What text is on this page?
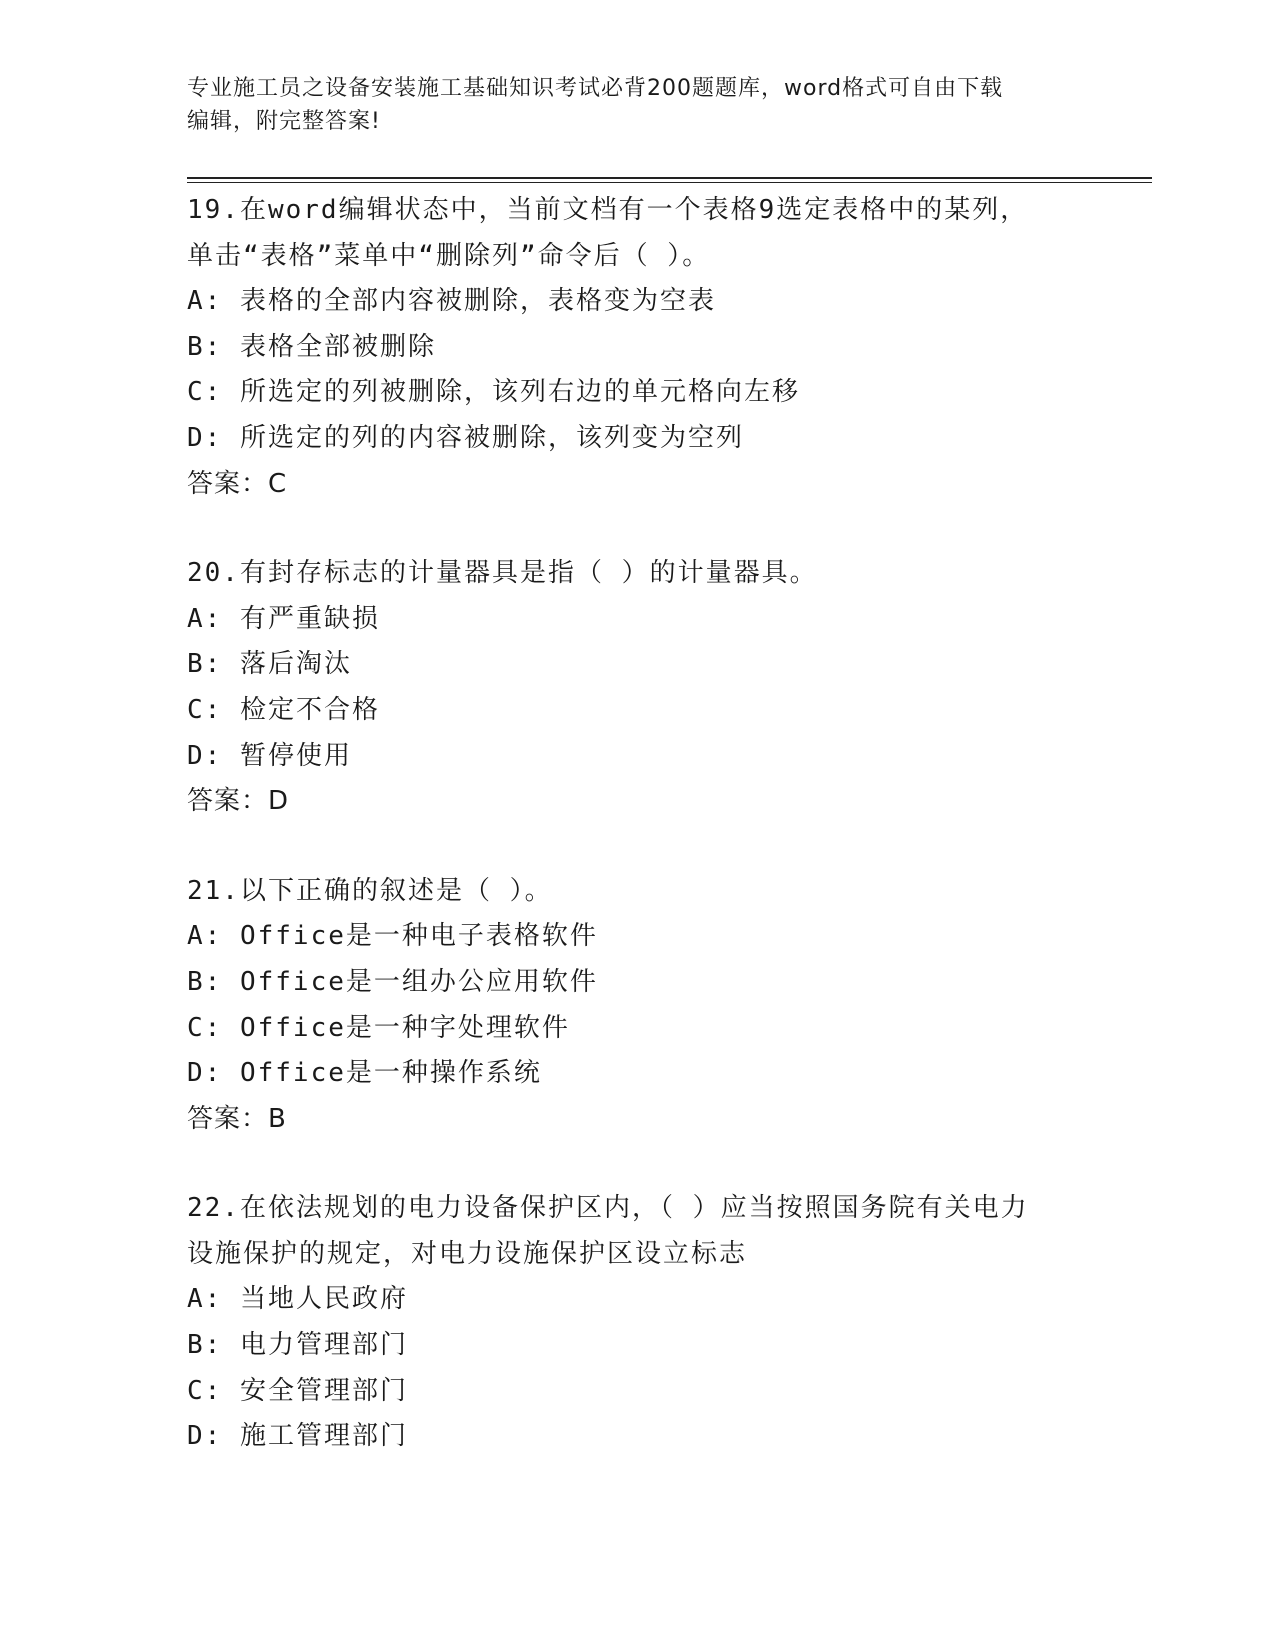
专业施工员之设备安装施工基础知识考试必背200题题库，word格式可自由下载
编辑，附完整答案!
19.在word编辑状态中，当前文档有一个表格9选定表格中的某列，
单击“表格”菜单中“删除列”命令后（ ）。
A: 表格的全部内容被删除，表格变为空表
B: 表格全部被删除
C: 所选定的列被删除，该列右边的单元格向左移
D: 所选定的列的内容被删除，该列变为空列
答案：C
20.有封存标志的计量器具是指（ ）的计量器具。
A: 有严重缺损
B: 落后淘汰
C: 检定不合格
D: 暂停使用
答案：D
21.以下正确的叙述是（ ）。
A: Office是一种电子表格软件
B: Office是一组办公应用软件
C: Office是一种字处理软件
D: Office是一种操作系统
答案：B
22.在依法规划的电力设备保护区内，（ ）应当按照国务院有关电力
设施保护的规定，对电力设施保护区设立标志
A: 当地人民政府
B: 电力管理部门
C: 安全管理部门
D: 施工管理部门
